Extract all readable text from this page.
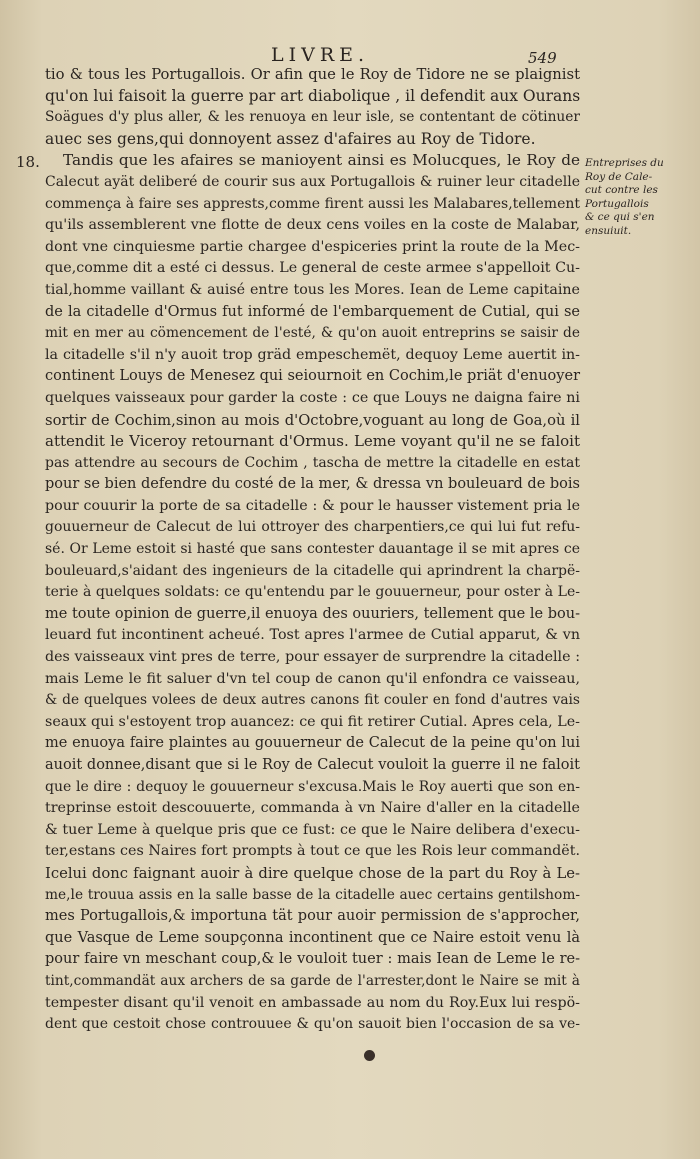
LIVRE.	549
18.
tio & tous les Portugallois. Or afin que le Roy de Tidore ne se plaignist
qu'on lui faisoit la guerre par art diabolique , il defendit aux Ourans
Soägues d'y plus aller, & les renuoya en leur isle, se contentant de cötinuer
auec ses gens,qui donnoyent assez d'afaires au Roy de Tidore.
Tandis que les afaires se manioyent ainsi es Molucques, le Roy de
Calecut ayät deliberé de courir sus aux Portugallois & ruiner leur citadelle
commença à faire ses apprests,comme firent aussi les Malabares,tellement
qu'ils assemblerent vne flotte de deux cens voiles en la coste de Malabar,
dont vne cinquiesme partie chargee d'espiceries print la route de la Mec-
que,comme dit a esté ci dessus. Le general de ceste armee s'appelloit Cu-
tial,homme vaillant & auisé entre tous les Mores. Iean de Leme capitaine
de la citadelle d'Ormus fut informé de l'embarquement de Cutial, qui se
mit en mer au cömencement de l'esté, & qu'on auoit entreprins se saisir de
la citadelle s'il n'y auoit trop gräd empeschemët, dequoy Leme auertit in-
continent Louys de Menesez qui seiournoit en Cochim,le priät d'enuoyer
quelques vaisseaux pour garder la coste : ce que Louys ne daigna faire ni
sortir de Cochim,sinon au mois d'Octobre,voguant au long de Goa,où il
attendit le Viceroy retournant d'Ormus. Leme voyant qu'il ne se faloit
pas attendre au secours de Cochim , tascha de mettre la citadelle en estat
pour se bien defendre du costé de la mer, & dressa vn bouleuard de bois
pour couurir la porte de sa citadelle : & pour le hausser vistement pria le
gouuerneur de Calecut de lui ottroyer des charpentiers,ce qui lui fut refu-
sé. Or Leme estoit si hasté que sans contester dauantage il se mit apres ce
bouleuard,s'aidant des ingenieurs de la citadelle qui aprindrent la charpë-
terie à quelques soldats: ce qu'entendu par le gouuerneur, pour oster à Le-
me toute opinion de guerre,il enuoya des ouuriers, tellement que le bou-
leuard fut incontinent acheué. Tost apres l'armee de Cutial apparut, & vn
des vaisseaux vint pres de terre, pour essayer de surprendre la citadelle :
mais Leme le fit saluer d'vn tel coup de canon qu'il enfondra ce vaisseau,
& de quelques volees de deux autres canons fit couler en fond d'autres vais
seaux qui s'estoyent trop auancez: ce qui fit retirer Cutial. Apres cela, Le-
me enuoya faire plaintes au gouuerneur de Calecut de la peine qu'on lui
auoit donnee,disant que si le Roy de Calecut vouloit la guerre il ne faloit
que le dire : dequoy le gouuerneur s'excusa.Mais le Roy auerti que son en-
treprinse estoit descouuerte, commanda à vn Naire d'aller en la citadelle
& tuer Leme à quelque pris que ce fust: ce que le Naire delibera d'execu-
ter,estans ces Naires fort prompts à tout ce que les Rois leur commandët.
Icelui donc faignant auoir à dire quelque chose de la part du Roy à Le-
me,le trouua assis en la salle basse de la citadelle auec certains gentilshom-
mes Portugallois,& importuna tät pour auoir permission de s'approcher,
que Vasque de Leme soupçonna incontinent que ce Naire estoit venu là
pour faire vn meschant coup,& le vouloit tuer : mais Iean de Leme le re-
tint,commandät aux archers de sa garde de l'arrester,dont le Naire se mit à
tempester disant qu'il venoit en ambassade au nom du Roy.Eux lui respö-
dent que cestoit chose controuuee & qu'on sauoit bien l'occasion de sa ve-
Entreprises du
Roy de Cale-
cut contre les
Portugallois
& ce qui s'en
ensuiuit.
